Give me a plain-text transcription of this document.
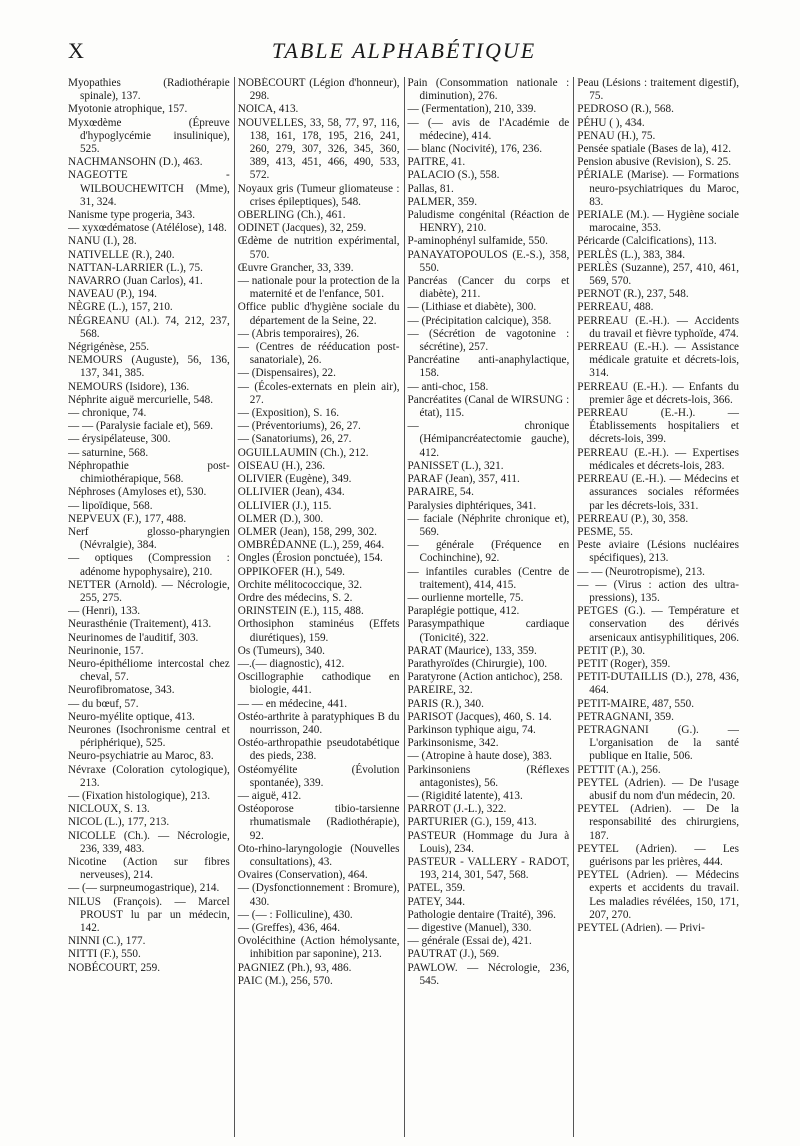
X	TABLE ALPHABÉTIQUE

Myopathies (Radiothérapie spinale), 137.

Myotonie atrophique, 157.

Myxœdème (Épreuve d'hypoglycémie insulinique), 525.

NACHMANSOHN (D.), 463.

NAGEOTTE - WILBOUCHEWITCH (Mme), 31, 324.

Nanisme type progeria, 343.

— xyxœdématose (Atélélose), 148.

NANU (I.), 28.

NATIVELLE (R.), 240.

NATTAN-LARRIER (L.), 75.

NAVARRO (Juan Carlos), 41.

NAVEAU (P.), 194.

NÈGRE (L.), 157, 210.

NÉGREANU (Al.). 74, 212, 237, 568.

Négrigénèse, 255.

NEMOURS (Auguste), 56, 136, 137, 341, 385.

NEMOURS (Isidore), 136.

Néphrite aiguë mercurielle, 548.

— chronique, 74.

— — (Paralysie faciale et), 569.

— érysipélateuse, 300.

— saturnine, 568.

Néphropathie post-chimiothérapique, 568.

Néphroses (Amyloses et), 530.

— lipoïdique, 568.

NEPVEUX (F.), 177, 488.

Nerf glosso-pharyngien (Névralgie), 384.

— optiques (Compression : adénome hypophysaire), 210.

NETTER (Arnold). — Nécrologie, 255, 275.

— (Henri), 133.

Neurasthénie (Traitement), 413.

Neurinomes de l'auditif, 303.

Neurinonie, 157.

Neuro-épithéliome intercostal chez cheval, 57.

Neurofibromatose, 343.

— du bœuf, 57.

Neuro-myélite optique, 413.

Neurones (Isochronisme central et périphérique), 525.

Neuro-psychiatrie au Maroc, 83.

Névraxe (Coloration cytologique), 213.

— (Fixation histologique), 213.

NICLOUX, S. 13.

NICOL (L.), 177, 213.

NICOLLE (Ch.). — Nécrologie, 236, 339, 483.

Nicotine (Action sur fibres nerveuses), 214.

— (— surpneumogastrique), 214.

NILUS (François). — Marcel PROUST lu par un médecin, 142.

NINNI (C.), 177.

NITTI (F.), 550.

NOBÉCOURT, 259.

NOBÉCOURT (Légion d'honneur), 298.

NOICA, 413.

NOUVELLES, 33, 58, 77, 97, 116, 138, 161, 178, 195, 216, 241, 260, 279, 307, 326, 345, 360, 389, 413, 451, 466, 490, 533, 572.

Noyaux gris (Tumeur gliomateuse : crises épileptiques), 548.

OBERLING (Ch.), 461.

ODINET (Jacques), 32, 259.

Œdème de nutrition expérimental, 570.

Œuvre Grancher, 33, 339.

— nationale pour la protection de la maternité et de l'enfance, 501.

Office public d'hygiène sociale du département de la Seine, 22.

— (Abris temporaires), 26.

— (Centres de rééducation post-sanatoriale), 26.

— (Dispensaires), 22.

— (Écoles-externats en plein air), 27.

— (Exposition), S. 16.

— (Préventoriums), 26, 27.

— (Sanatoriums), 26, 27.

OGUILLAUMIN (Ch.), 212.

OISEAU (H.), 236.

OLIVIER (Eugène), 349.

OLLIVIER (Jean), 434.

OLLIVIER (J.), 115.

OLMER (D.), 300.

OLMER (Jean), 158, 299, 302.

OMBRÉDANNE (L.), 259, 464.

Ongles (Érosion ponctuée), 154.

OPPIKOFER (H.), 549.

Orchite mélitococcique, 32.

Ordre des médecins, S. 2.

ORINSTEIN (E.), 115, 488.

Orthosiphon staminéus (Effets diurétiques), 159.

Os (Tumeurs), 340.

—.(— diagnostic), 412.

Oscillographie cathodique en biologie, 441.

— — en médecine, 441.

Ostéo-arthrite à paratyphiques B du nourrisson, 240.

Ostéo-arthropathie pseudotabétique des pieds, 238.

Ostéomyélite (Évolution spontanée), 339.

— aiguë, 412.

Ostéoporose tibio-tarsienne rhumatismale (Radiothérapie), 92.

Oto-rhino-laryngologie (Nouvelles consultations), 43.

Ovaires (Conservation), 464.

— (Dysfonctionnement : Bromure), 430.

— (— : Folliculine), 430.

— (Greffes), 436, 464.

Ovolécithine (Action hémolysante, inhibition par saponine), 213.

PAGNIEZ (Ph.), 93, 486.

PAIC (M.), 256, 570.

Pain (Consommation nationale : diminution), 276.

— (Fermentation), 210, 339.

— (— avis de l'Académie de médecine), 414.

— blanc (Nocivité), 176, 236.

PAITRE, 41.

PALACIO (S.), 558.

Pallas, 81.

PALMER, 359.

Paludisme congénital (Réaction de HENRY), 210.

P-aminophényl sulfamide, 550.

PANAYATOPOULOS (E.-S.), 358, 550.

Pancréas (Cancer du corps et diabète), 211.

— (Lithiase et diabète), 300.

— (Précipitation calcique), 358.

— (Sécrétion de vagotonine : sécrétine), 257.

Pancréatine anti-anaphylactique, 158.

— anti-choc, 158.

Pancréatites (Canal de WIRSUNG : état), 115.

— chronique (Hémipancréatectomie gauche), 412.

PANISSET (L.), 321.

PARAF (Jean), 357, 411.

PARAIRE, 54.

Paralysies diphtériques, 341.

— faciale (Néphrite chronique et), 569.

— générale (Fréquence en Cochinchine), 92.

— infantiles curables (Centre de traitement), 414, 415.

— ourlienne mortelle, 75.

Paraplégie pottique, 412.

Parasympathique cardiaque (Tonicité), 322.

PARAT (Maurice), 133, 359.

Parathyroïdes (Chirurgie), 100.

Paratyrone (Action antichoc), 258.

PAREIRE, 32.

PARIS (R.), 340.

PARISOT (Jacques), 460, S. 14.

Parkinson typhique aigu, 74.

Parkinsonisme, 342.

— (Atropine à haute dose), 383.

Parkinsoniens (Réflexes antagonistes), 56.

— (Rigidité latente), 413.

PARROT (J.-L.), 322.

PARTURIER (G.), 159, 413.

PASTEUR (Hommage du Jura à Louis), 234.

PASTEUR - VALLERY - RADOT, 193, 214, 301, 547, 568.

PATEL, 359.

PATEY, 344.

Pathologie dentaire (Traité), 396.

— digestive (Manuel), 330.

— générale (Essai de), 421.

PAUTRAT (J.), 569.

PAWLOW. — Nécrologie, 236, 545.

Peau (Lésions : traitement digestif), 75.

PEDROSO (R.), 568.

PÉHU ( ), 434.

PENAU (H.), 75.

Pensée spatiale (Bases de la), 412.

Pension abusive (Revision), S. 25.

PÉRIALE (Marise). — Formations neuro-psychiatriques du Maroc, 83.

PERIALE (M.). — Hygiène sociale marocaine, 353.

Péricarde (Calcifications), 113.

PERLÈS (L.), 383, 384.

PERLÈS (Suzanne), 257, 410, 461, 569, 570.

PERNOT (R.), 237, 548.

PERREAU, 488.

PERREAU (E.-H.). — Accidents du travail et fièvre typhoïde, 474.

PERREAU (E.-H.). — Assistance médicale gratuite et décrets-lois, 314.

PERREAU (E.-H.). — Enfants du premier âge et décrets-lois, 366.

PERREAU (E.-H.). — Établissements hospitaliers et décrets-lois, 399.

PERREAU (E.-H.). — Expertises médicales et décrets-lois, 283.

PERREAU (E.-H.). — Médecins et assurances sociales réformées par les décrets-lois, 331.

PERREAU (P.), 30, 358.

PESME, 55.

Peste aviaire (Lésions nucléaires spécifiques), 213.

— — (Neurotropisme), 213.

— — (Virus : action des ultra-pressions), 135.

PETGES (G.). — Température et conservation des dérivés arsenicaux antisyphilitiques, 206.

PETIT (P.), 30.

PETIT (Roger), 359.

PETIT-DUTAILLIS (D.), 278, 436, 464.

PETIT-MAIRE, 487, 550.

PETRAGNANI, 359.

PETRAGNANI (G.). — L'organisation de la santé publique en Italie, 506.

PETTIT (A.), 256.

PEYTEL (Adrien). — De l'usage abusif du nom d'un médecin, 20.

PEYTEL (Adrien). — De la responsabilité des chirurgiens, 187.

PEYTEL (Adrien). — Les guérisons par les prières, 444.

PEYTEL (Adrien). — Médecins experts et accidents du travail. Les maladies révélées, 150, 171, 207, 270.

PEYTEL (Adrien). — Privi-
